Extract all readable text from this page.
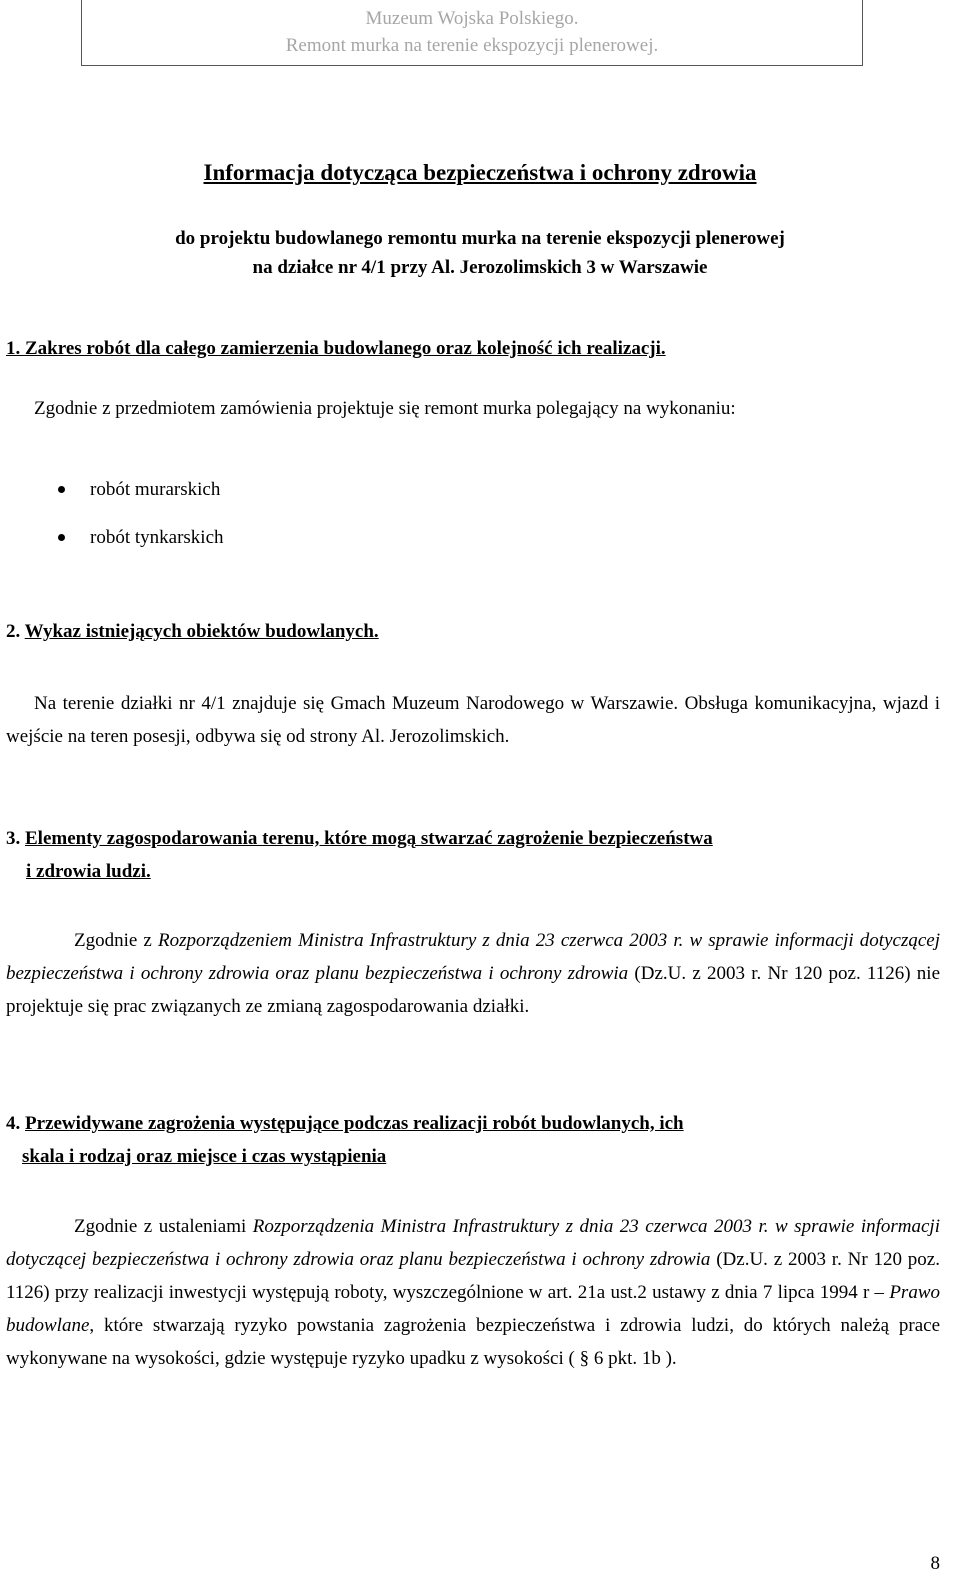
Muzeum Wojska Polskiego.
Remont murka na terenie ekspozycji plenerowej.
Informacja dotycząca bezpieczeństwa i ochrony zdrowia
do projektu budowlanego remontu murka na terenie ekspozycji plenerowej
na działce nr 4/1 przy Al. Jerozolimskich 3 w Warszawie
1. Zakres robót dla całego zamierzenia budowlanego oraz kolejność ich realizacji.
Zgodnie z przedmiotem zamówienia projektuje się remont murka polegający na wykonaniu:
robót murarskich
robót tynkarskich
2. Wykaz istniejących obiektów budowlanych.
Na terenie działki nr 4/1 znajduje się Gmach Muzeum Narodowego w Warszawie. Obsługa komunikacyjna, wjazd i wejście na teren posesji, odbywa się od strony Al. Jerozolimskich.
3. Elementy zagospodarowania terenu, które mogą stwarzać zagrożenie bezpieczeństwa
i zdrowia ludzi.
Zgodnie z Rozporządzeniem Ministra Infrastruktury z dnia 23 czerwca 2003 r. w sprawie informacji dotyczącej bezpieczeństwa i ochrony zdrowia oraz planu bezpieczeństwa i ochrony zdrowia (Dz.U. z 2003 r. Nr 120 poz. 1126) nie projektuje się prac związanych ze zmianą zagospodarowania działki.
4. Przewidywane zagrożenia występujące podczas realizacji robót budowlanych, ich
skala i rodzaj oraz miejsce i czas wystąpienia
Zgodnie z ustaleniami Rozporządzenia Ministra Infrastruktury z dnia 23 czerwca 2003 r. w sprawie informacji dotyczącej bezpieczeństwa i ochrony zdrowia oraz planu bezpieczeństwa i ochrony zdrowia (Dz.U. z 2003 r. Nr 120 poz. 1126) przy realizacji inwestycji występują roboty, wyszczególnione w art. 21a ust.2 ustawy z dnia 7 lipca 1994 r – Prawo budowlane, które stwarzają ryzyko powstania zagrożenia bezpieczeństwa i zdrowia ludzi, do których należą prace wykonywane na wysokości, gdzie występuje ryzyko upadku z wysokości ( § 6 pkt. 1b ).
8
